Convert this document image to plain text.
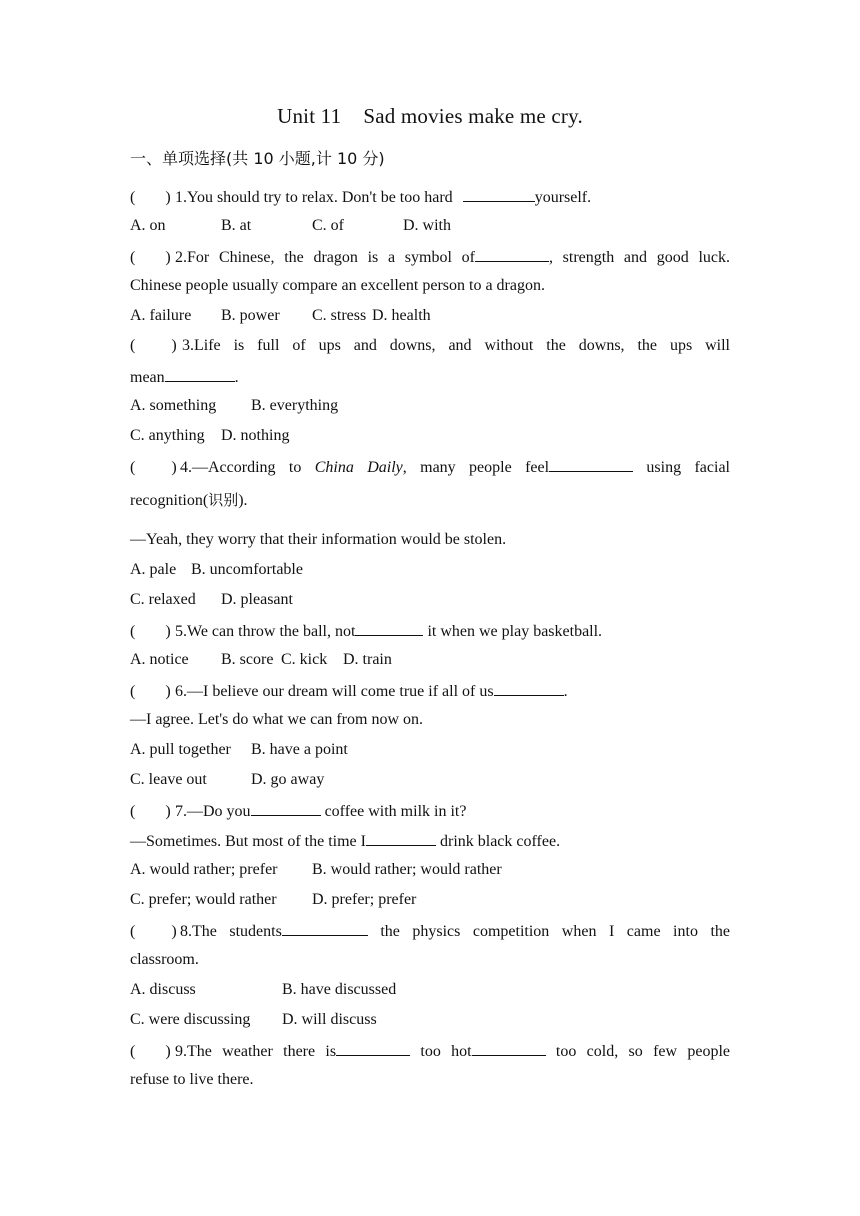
Unit 11 Sad movies make me cry.
一、单项选择(共 10 小题,计 10 分)
( ) 1.You should try to relax. Don't be too hard	yourself.
A. on	B. at	C. of	D. with
( ) 2.For Chinese, the dragon is a symbol of	, strength and good luck.
Chinese people usually compare an excellent person to a dragon.
A. failure B. power C. stress D. health
( ) 3.Life is full of ups and downs, and without the downs, the ups will
mean	.
A. something B. everything
C. anything D. nothing
( ) 4.—According to China Daily, many people feel	using facial
recognition(识别).
—Yeah, they worry that their information would be stolen.
A. pale B. uncomfortable
C. relaxed D. pleasant
( ) 5.We can throw the ball, not	it when we play basketball.
A. notice B. score C. kick D. train
( ) 6.—I believe our dream will come true if all of us	.
—I agree. Let's do what we can from now on.
A. pull together B. have a point
C. leave out	D. go away
( ) 7.—Do you	coffee with milk in it?
—Sometimes. But most of the time I	drink black coffee.
A. would rather; prefer B. would rather; would rather
C. prefer; would rather D. prefer; prefer
( ) 8.The students	the physics competition when I came into the
classroom.
A. discuss	B. have discussed
C. were discussing D. will discuss
( ) 9.The weather there is	too hot	too cold, so few people
refuse to live there.
